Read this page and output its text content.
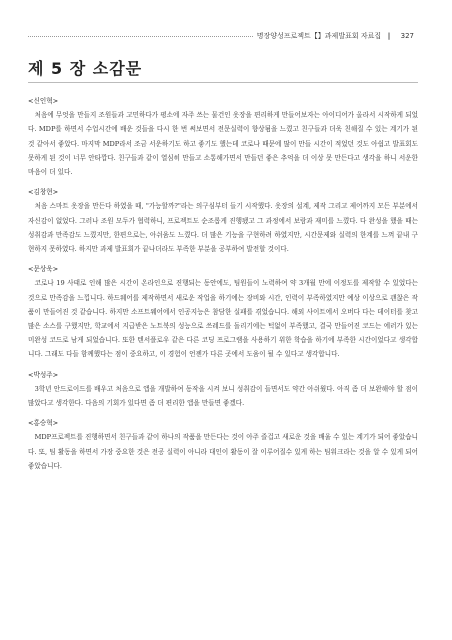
명장양성프로젝트【 】과제발표회 자료집 ‖ 327
제 5 장 소감문
<신인혁>
처음에 무엇을 만들지 조원들과 고민하다가 평소에 자주 쓰는 물건인 옷장을 편리하게 만들어보자는 아이디어가 올라서 시작하게 되었다. MDP를 하면서 수업시간에 배운 것들을 다시 한 번 써보면서 전문실력이 향상됨을 느꼈고 친구들과 더욱 친해질 수 있는 계기가 된 것 같아서 좋았다. 마지막 MDP라서 조금 서운하기도 하고 좋기도 했는데 코로나 때문에 많이 만들 시간이 적었던 것도 아쉽고 발표회도 못하게 된 것이 너무 안타깝다. 친구들과 같이 열심히 만들고 소통해가면서 만들던 좋은 추억을 더 이상 못 만든다고 생각을 하니 서운한 마음이 더 있다.
<김창현>
처음 스마트 옷장을 만든다 하였을 때, "가능할까?"라는 의구심부터 들기 시작했다. 옷장의 설계, 제작 그리고 제어까지 모든 부분에서 자신감이 없었다. 그러나 조원 모두가 협력하니, 프로젝트도 순조롭게 진행됐고 그 과정에서 보람과 재미를 느꼈다. 다 완성을 했을 때는 성취감과 만족감도 느꼈지만, 한편으로는, 아쉬움도 느꼈다. 더 많은 기능을 구현하려 하였지만, 시간문제와 실력의 한계를 느껴 끝내 구현하지 못하였다. 하지만 과제 발표회가 끝나더라도 부족한 부분을 공부하여 발전할 것이다.
<문상욱>
코로나 19 사태로 인해 많은 시간이 온라인으로 진행되는 동안에도, 팀원들이 노력하여 약 3개월 만에 이정도를 제작할 수 있었다는 것으로 만족감을 느낍니다. 하드웨어를 제작하면서 새로운 작업을 하기에는 장비와 시간, 인력이 부족하였지만 예상 이상으로 괜찮은 작품이 만들어진 것 같습니다. 하지만 소프트웨어에서 인공지능은 참담한 실패를 겪었습니다. 해외 사이트에서 오버다 다는 데이터를 찾고 많은 소스를 구했지만, 학교에서 지급받은 노트북의 성능으로 쓰레드를 돌리기에는 턱없이 부족했고, 결국 만들어진 코드는 에러가 있는 미완성 코드로 남게 되었습니다. 또한 텐서플로우 같은 다른 코딩 프로그램을 사용하기 위한 학습을 하기에 부족한 시간이었다고 생각합니다. 그래도 다들 함께했다는 점이 중요하고, 이 경험이 언젠가 다른 곳에서 도움이 될 수 있다고 생각합니다.
<박성주>
3학년 안드로이드를 배우고 처음으로 앱을 개발하여 동작을 시켜 보니 성취감이 들면서도 약간 아쉬웠다. 아직 좀 더 보완해야 할 점이 많았다고 생각한다. 다음의 기회가 있다면 좀 더 편리한 앱을 만들면 좋겠다.
<홍승혁>
MDP프로젝트를 진행하면서 친구들과 같이 하나의 작품을 만든다는 것이 아주 즐겁고 새로운 것을 배울 수 있는 계기가 되어 좋았습니다. 또, 팀 활동을 하면서 가장 중요한 것은 전공 실력이 아니라 대인이 활동이 잘 이루어질수 있게 하는 팀워크라는 것을 알 수 있게 되어 좋았습니다.
